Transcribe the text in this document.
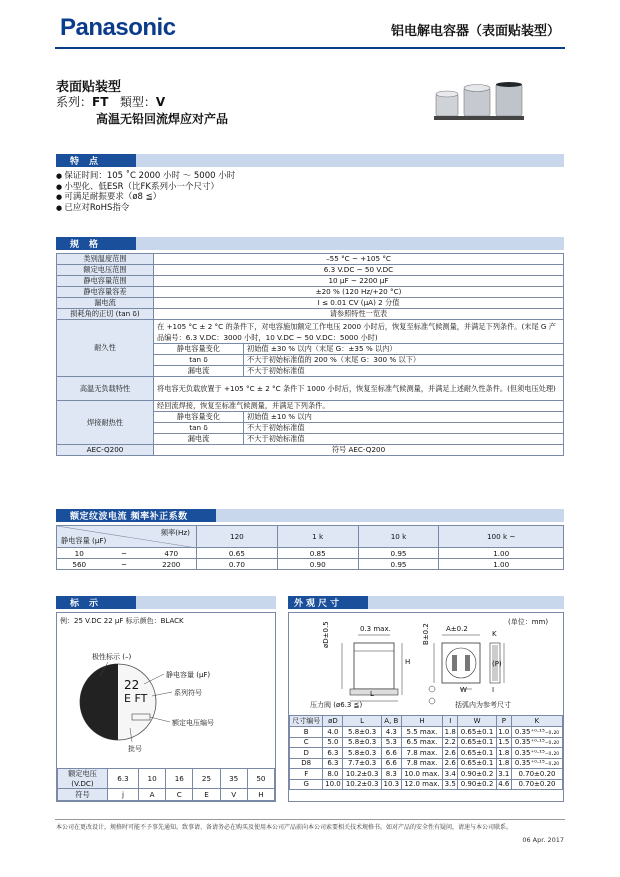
Panasonic	铝电解电容器（表面贴装型）
表面贴装型
系列：FT 類型：V
高温无铅回流焊应对产品
特点
● 保证时间：105 ˚C 2000 小时 ～ 5000 小时
● 小型化、低ESR（比FK系列小一个尺寸）
● 可满足耐振要求（ø8 ≦）
● 已应对RoHS指令
规格
类别温度范围	–55 °C ~ +105 °C	
额定电压范围	6.3 V.DC ~ 50 V.DC	
静电容量范围	10 µF ~ 2200 µF	
静电容量容差	±20 % (120 Hz/+20 °C)	
漏电流	I ≤ 0.01 CV (µA) 2 分值	
损耗角的正切 (tan δ)	请参照特性一览表	
耐久性	在 +105 °C ± 2 °C 的条件下，对电容施加额定工作电压 2000 小时后，恢复至标准气候测量，并满足下列条件。(末尾 G 产品编号：6.3 V.DC：3000 小时，10 V.DC ~ 50 V.DC：5000 小时)	
	静电容量变化	初始值 ±30 % 以内（末尾 G：±35 % 以内）
	tan δ	不大于初始标准值的 200 %（末尾 G：300 % 以下）
	漏电流	不大于初始标准值
高温无负载特性	将电容无负载放置于 +105 °C ± 2 °C 条件下 1000 小时后，恢复至标准气候测量，并满足上述耐久性条件。(但须电压处理)	
焊接耐热性	经回流焊接，恢复至标准气候测量，并满足下列条件。	
	静电容量变化	初始值 ±10 % 以内
	tan δ	不大于初始标准值
	漏电流	不大于初始标准值
AEC-Q200	符号 AEC-Q200	
额定纹波电流 频率补正系数
频率(Hz)
静电容量 (µF)			120	1 k	10 k	100 k ~
10	~	470	0.65	0.85	0.95	1.00
560	~	2200	0.70	0.90	0.95	1.00
标示
例：25 V.DC 22 µF 标示颜色：BLACK
极性标示 (–)
静电容量 (µF)
系列符号
额定电压编号
批号
22
E FT
额定电压 (V.DC)	6.3	10	16	25	35	50
符号	j	A	C	E	V	H
外观尺寸
(单位：mm)
0.3 max.
øD±0.5
H
L
A±0.2
B±0.2	K
(P)
W	I
压力阀 (ø6.3 ≦)	括弧内为参考尺寸
尺寸编号	øD	L	A, B	H	I	W	P	K
B	4.0	5.8±0.3	4.3	5.5 max.	1.8	0.65±0.1	1.0	0.35⁺⁰·¹⁵₋₀.₂₀
C	5.0	5.8±0.3	5.3	6.5 max.	2.2	0.65±0.1	1.5	0.35⁺⁰·¹⁵₋₀.₂₀
D	6.3	5.8±0.3	6.6	7.8 max.	2.6	0.65±0.1	1.8	0.35⁺⁰·¹⁵₋₀.₂₀
D8	6.3	7.7±0.3	6.6	7.8 max.	2.6	0.65±0.1	1.8	0.35⁺⁰·¹⁵₋₀.₂₀
F	8.0	10.2±0.3	8.3	10.0 max.	3.4	0.90±0.2	3.1	0.70±0.20
G	10.0	10.2±0.3	10.3	12.0 max.	3.5	0.90±0.2	4.6	0.70±0.20
本公司在更改设计，规格时可能不予事先通知。致事请、备请务必在购买及使用本公司产品前向本公司索要相关技术规格书。如对产品的安全性有疑问，请速与本公司联系。
06 Apr. 2017
